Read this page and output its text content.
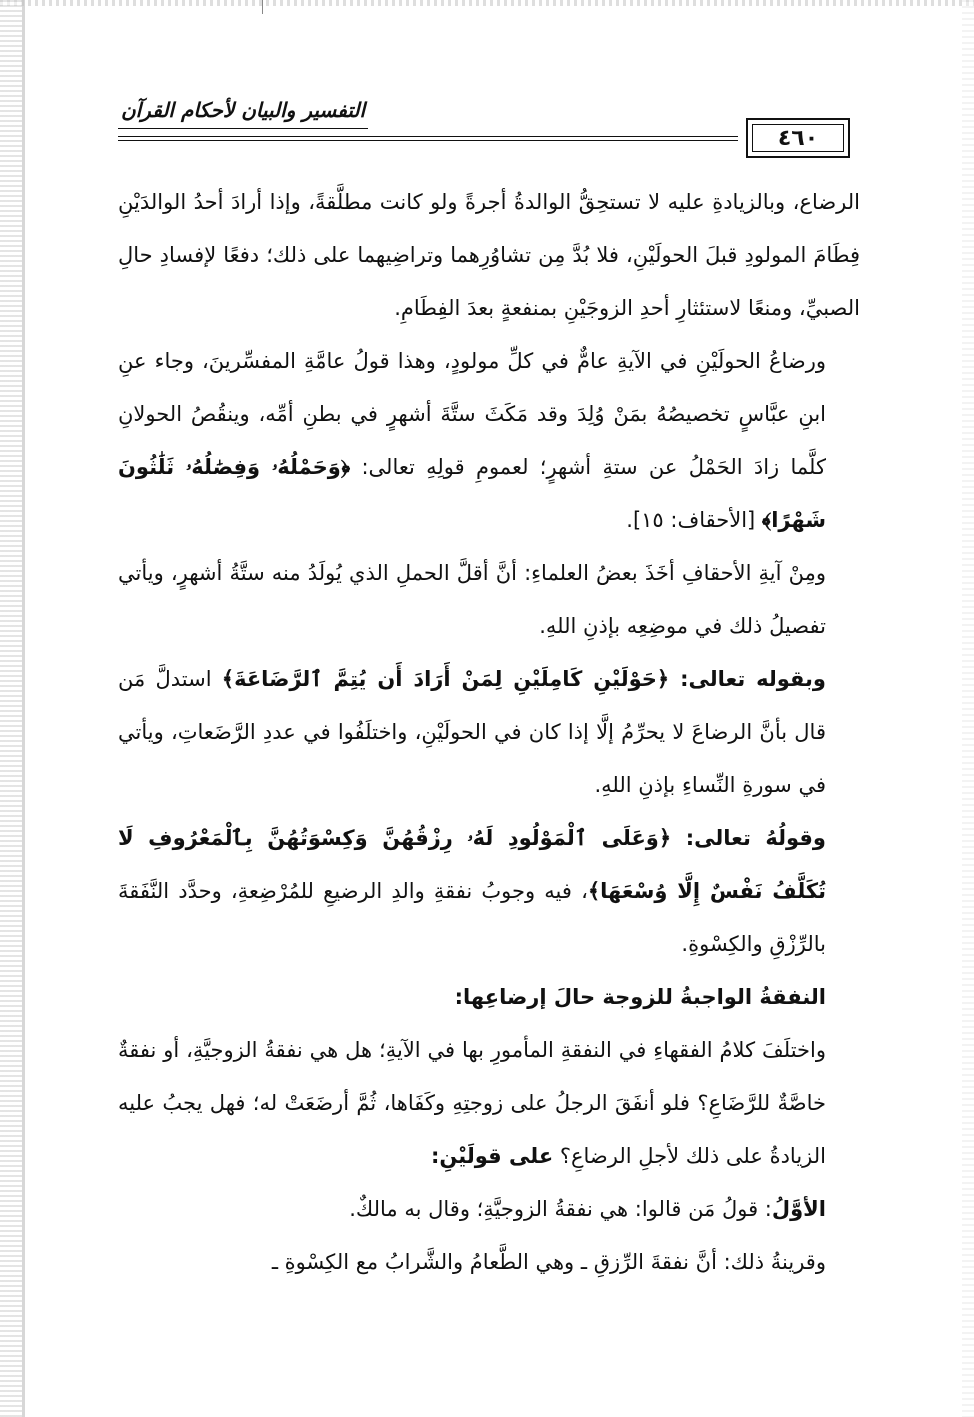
التفسير والبيان لأحكام القرآن
٤٦٠

الرضاع، وبالزيادةِ عليه لا تستحِقُّ الوالدةُ أجرةً ولو كانت مطلَّقةً، وإذا أرادَ أحدُ الوالدَيْنِ فِطَامَ المولودِ قبلَ الحولَيْنِ، فلا بُدَّ مِن تشاوُرِهما وتراضِيهما على ذلك؛ دفعًا لإفسادِ حالِ الصبيِّ، ومنعًا لاستئثارِ أحدِ الزوجَيْنِ بمنفعةٍ بعدَ الفِطَامِ.

ورضاعُ الحولَيْنِ في الآيةِ عامٌّ في كلِّ مولودٍ، وهذا قولُ عامَّةِ المفسِّرينَ، وجاء عنِ ابنِ عبَّاسٍ تخصيصُهُ بمَنْ وُلِدَ وقد مَكَثَ ستَّةَ أشهرٍ في بطنِ أمِّه، وينقُصُ الحولانِ كلَّما زادَ الحَمْلُ عن ستةِ أشهرٍ؛ لعمومِ قولِهِ تعالى: ﴿وَحَمْلُهُۥ وَفِصَٰلُهُۥ ثَلَٰثُونَ شَهْرًا﴾ [الأحقاف: ١٥].

ومِنْ آيةِ الأحقافِ أخَذَ بعضُ العلماءِ: أنَّ أقلَّ الحملِ الذي يُولَدُ منه ستَّةُ أشهرٍ، ويأتي تفصيلُ ذلك في موضِعِه بإذنِ اللهِ.

وبقوله تعالى: ﴿حَوْلَيْنِ كَامِلَيْنِ لِمَنْ أَرَادَ أَن يُتِمَّ ٱلرَّضَاعَةَ﴾ استدلَّ مَن قال بأنَّ الرضاعَ لا يحرِّمُ إلَّا إذا كان في الحولَيْنِ، واختلَفُوا في عددِ الرَّضَعاتِ، ويأتي في سورةِ النِّساءِ بإذنِ اللهِ.

وقولُهُ تعالى: ﴿وَعَلَى ٱلْمَوْلُودِ لَهُۥ رِزْقُهُنَّ وَكِسْوَتُهُنَّ بِٱلْمَعْرُوفِ لَا تُكَلَّفُ نَفْسٌ إِلَّا وُسْعَهَا﴾، فيه وجوبُ نفقةِ والدِ الرضيعِ للمُرْضِعةِ، وحدَّد النَّفَقةَ بالرِّزْقِ والكِسْوةِ.

النفقةُ الواجبةُ للزوجة حالَ إرضاعِها:

واختلَفَ كلامُ الفقهاءِ في النفقةِ المأمورِ بها في الآيةِ؛ هل هي نفقةُ الزوجيَّةِ، أو نفقةٌ خاصَّةٌ للرَّضَاعِ؟ فلو أنفَقَ الرجلُ على زوجتِهِ وكَفَاها، ثُمَّ أرضَعَتْ له؛ فهل يجبُ عليه الزيادةُ على ذلك لأجلِ الرضاعِ؟ على قولَيْنِ:

الأوَّلُ: قولُ مَن قالوا: هي نفقةُ الزوجيَّةِ؛ وقال به مالكٌ.

وقرينةُ ذلك: أنَّ نفقةَ الرِّزقِ ـ وهي الطَّعامُ والشَّرابُ مع الكِسْوةِ ـ
